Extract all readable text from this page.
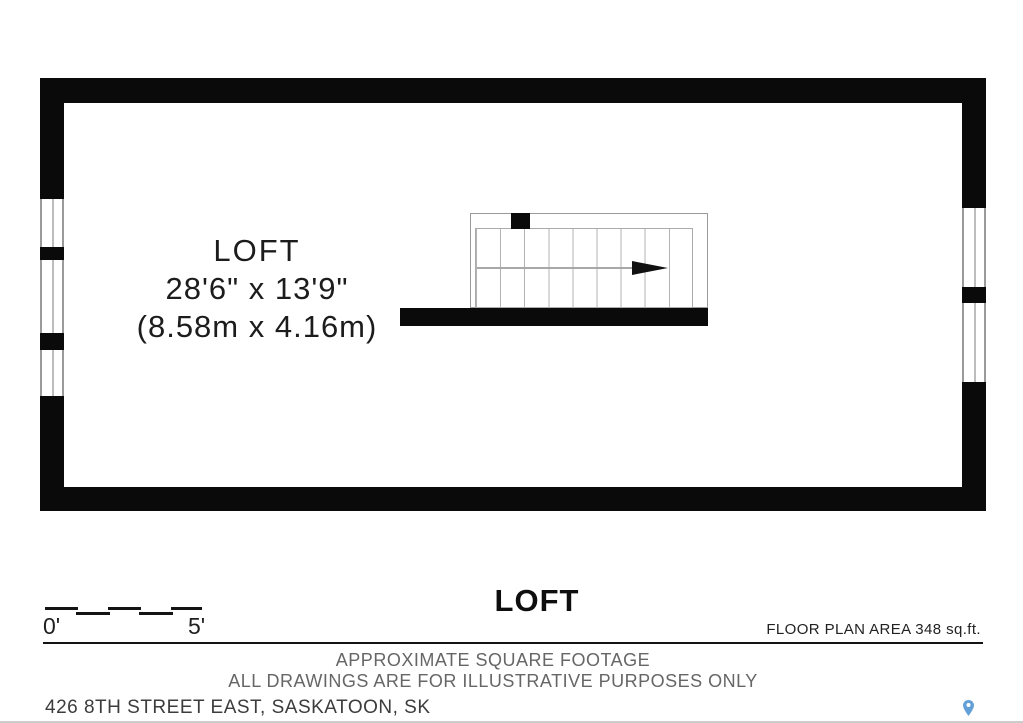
LOFT
28'6" x 13'9"
(8.58m x 4.16m)
0'	5'
LOFT
FLOOR PLAN AREA 348 sq.ft.
APPROXIMATE SQUARE FOOTAGE
ALL DRAWINGS ARE FOR ILLUSTRATIVE PURPOSES ONLY
426 8TH STREET EAST, SASKATOON, SK
